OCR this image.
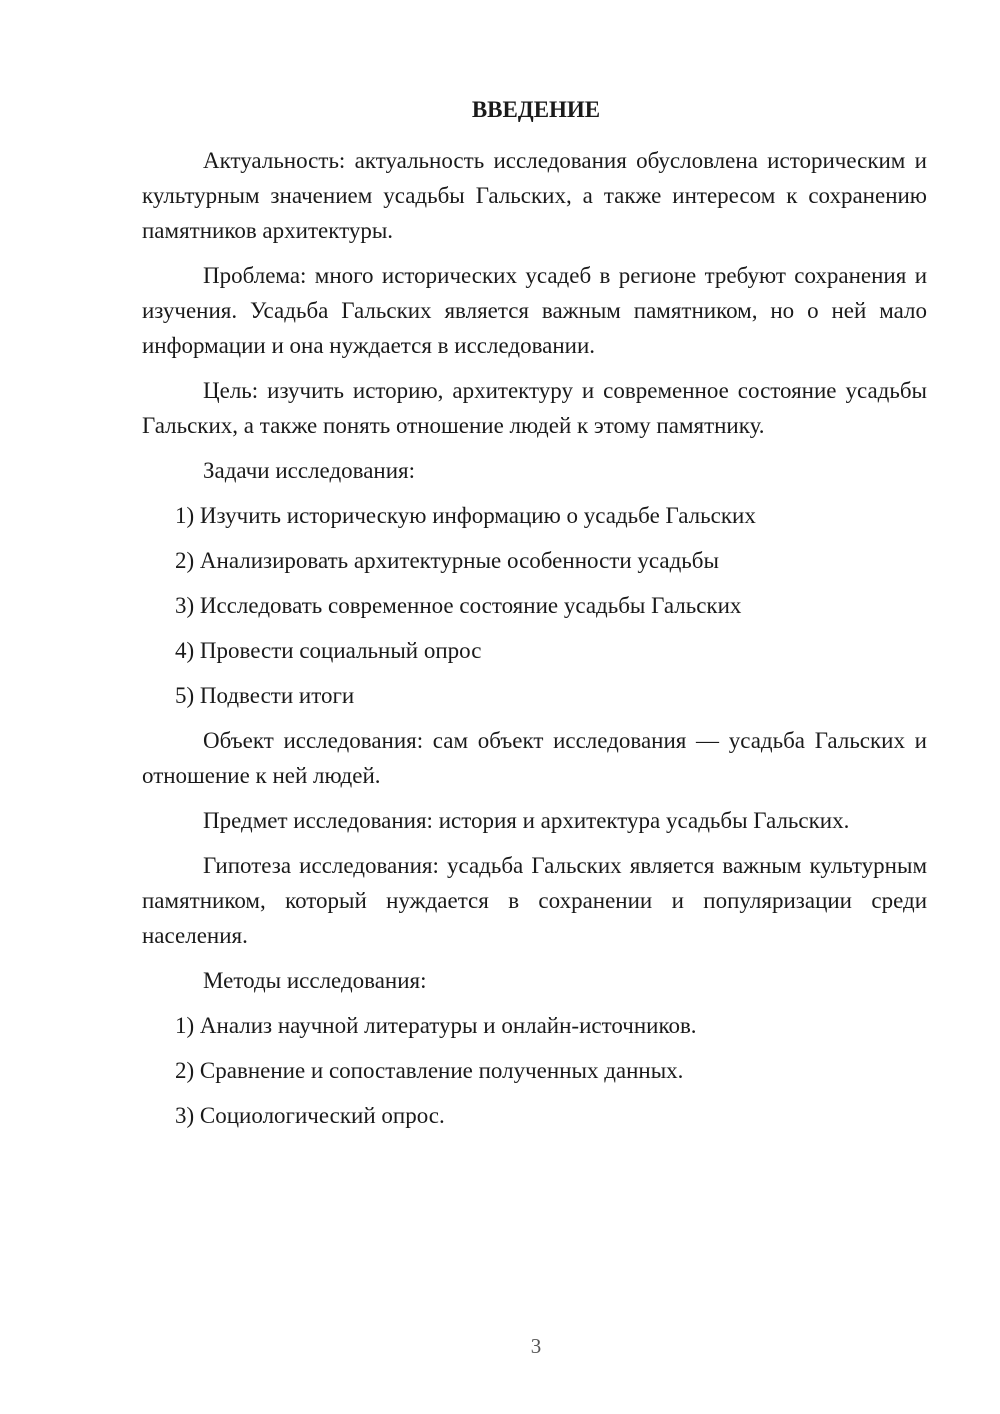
ВВЕДЕНИЕ

Актуальность: актуальность исследования обусловлена историческим и культурным значением усадьбы Гальских, а также интересом к сохранению памятников архитектуры.

Проблема: много исторических усадеб в регионе требуют сохранения и изучения. Усадьба Гальских является важным памятником, но о ней мало информации и она нуждается в исследовании.

Цель: изучить историю, архитектуру и современное состояние усадьбы Гальских, а также понять отношение людей к этому памятнику.

Задачи исследования:

1) Изучить историческую информацию о усадьбе Гальских

2) Анализировать архитектурные особенности усадьбы

3) Исследовать современное состояние усадьбы Гальских

4) Провести социальный опрос

5) Подвести итоги

Объект исследования: сам объект исследования — усадьба Гальских и отношение к ней людей.

Предмет исследования: история и архитектура усадьбы Гальских.

Гипотеза исследования: усадьба Гальских является важным культурным памятником, который нуждается в сохранении и популяризации среди населения.

Методы исследования:

1) Анализ научной литературы и онлайн-источников.

2) Сравнение и сопоставление полученных данных.

3) Социологический опрос.

3
